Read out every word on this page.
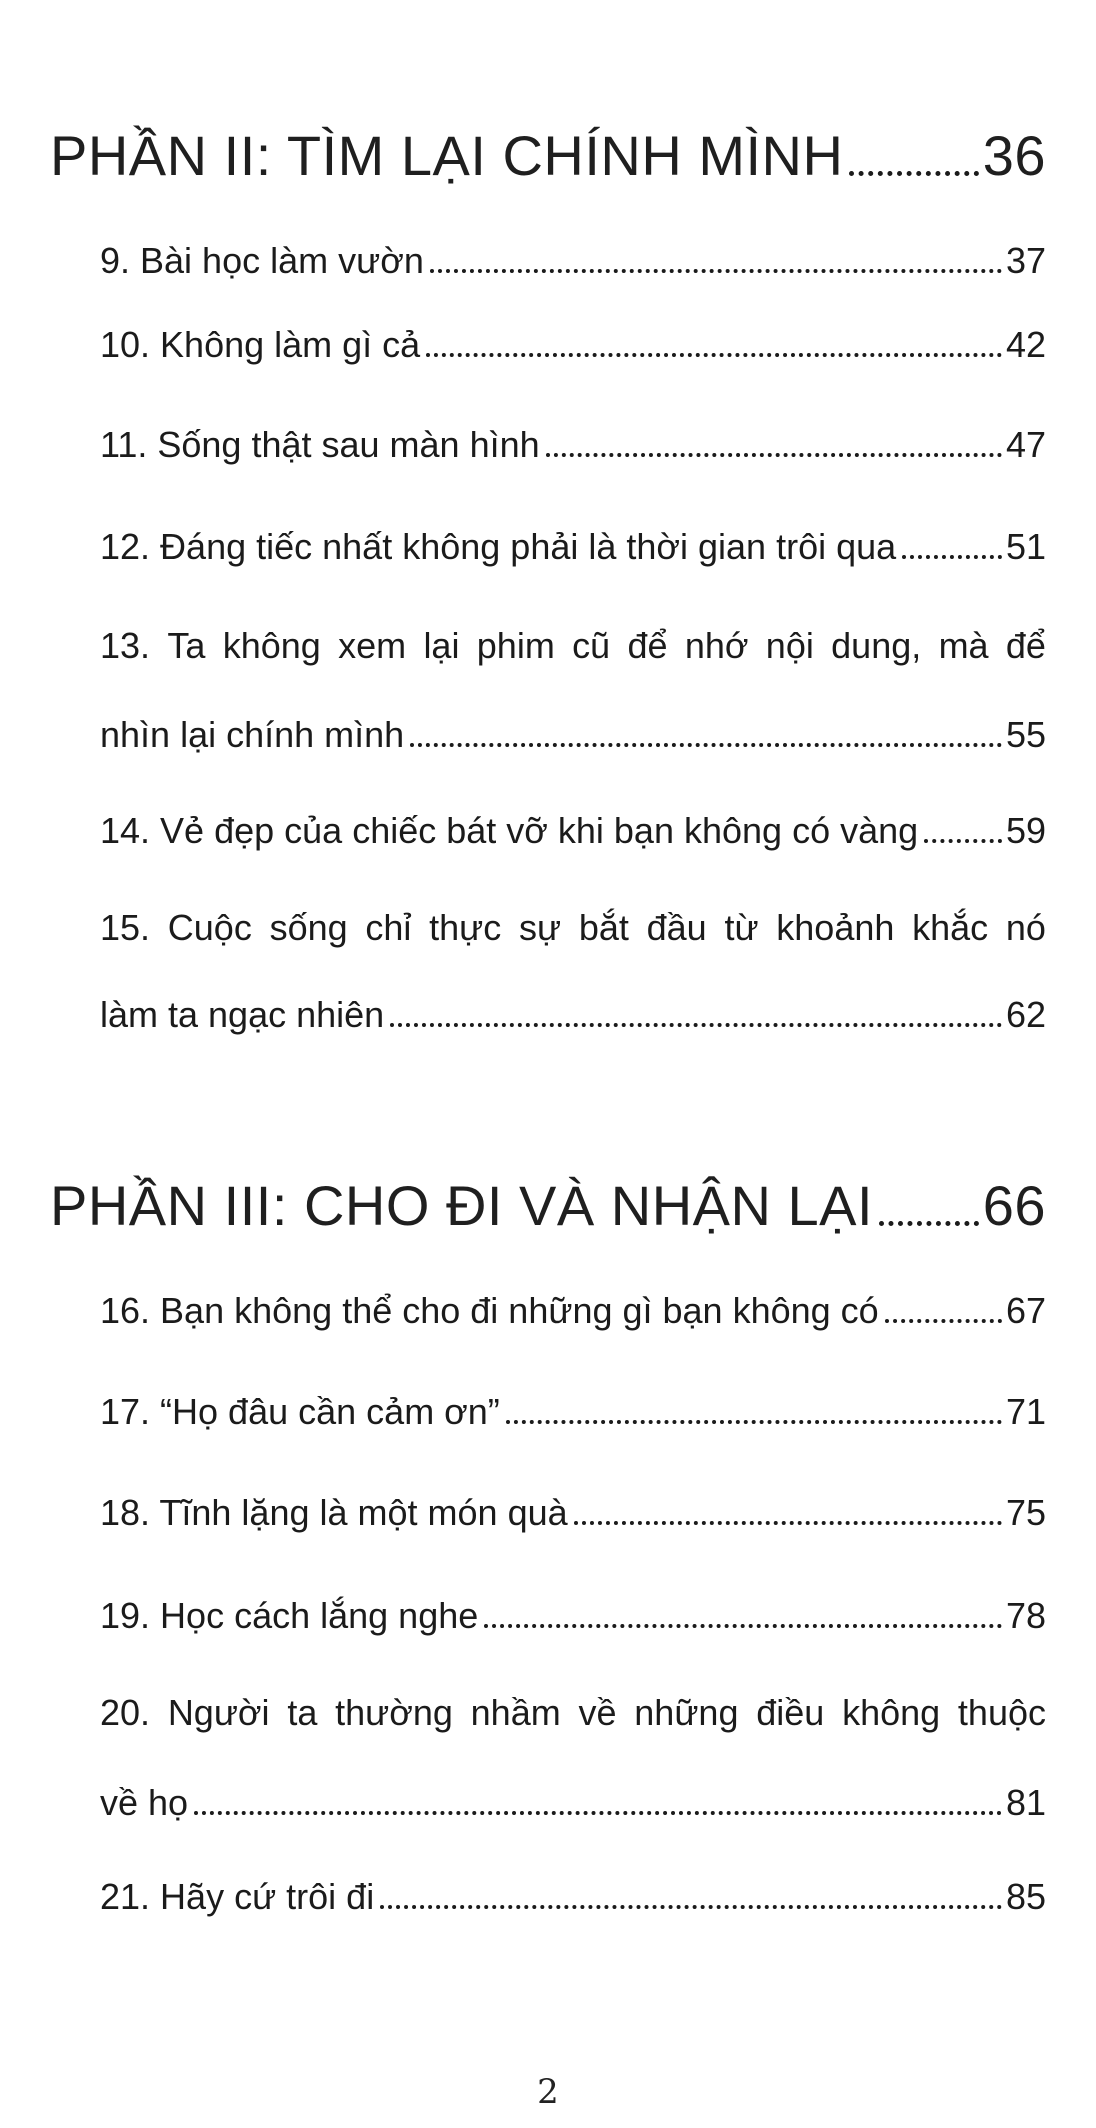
PHẦN II: TÌM LẠI CHÍNH MÌNH 36
9. Bài học làm vườn	37
10. Không làm gì cả	42
11. Sống thật sau màn hình	47
12. Đáng tiếc nhất không phải là thời gian trôi qua	51
13. Ta không xem lại phim cũ để nhớ nội dung, mà để
nhìn lại chính mình	55
14. Vẻ đẹp của chiếc bát vỡ khi bạn không có vàng 59
15. Cuộc sống chỉ thực sự bắt đầu từ khoảnh khắc nó
làm ta ngạc nhiên	62
PHẦN III: CHO ĐI VÀ NHẬN LẠI 66
16. Bạn không thể cho đi những gì bạn không có	67
17. “Họ đâu cần cảm ơn”	71
18. Tĩnh lặng là một món quà	75
19. Học cách lắng nghe	78
20. Người ta thường nhầm về những điều không thuộc
về họ	81
21. Hãy cứ trôi đi	85
2
